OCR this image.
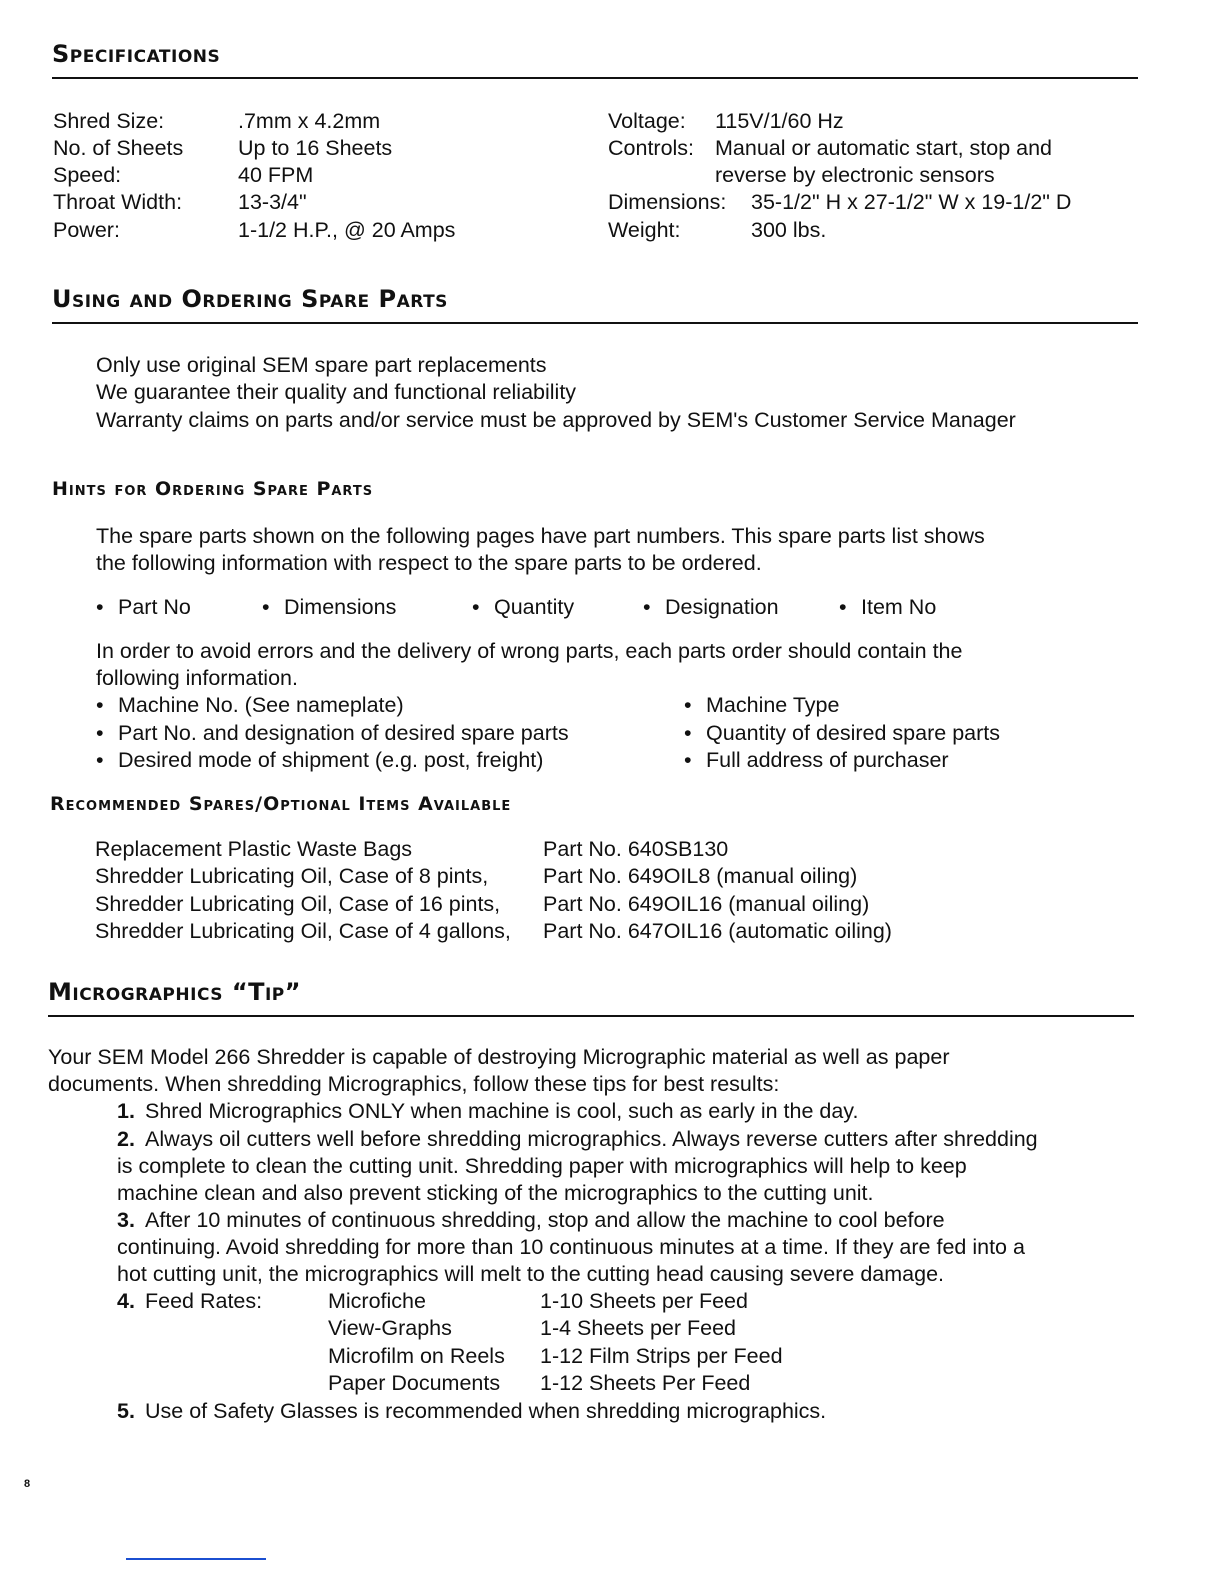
Specifications
Shred Size:	.7mm x 4.2mm
No. of Sheets	Up to 16 Sheets
Speed:	40 FPM
Throat Width:	13-3/4"
Power:	1-1/2 H.P., @ 20 Amps
Voltage: 115V/1/60 Hz
Controls: Manual or automatic start, stop and
reverse by electronic sensors
Dimensions: 35-1/2" H x 27-1/2" W x 19-1/2" D
Weight:	300 lbs.
Using and Ordering Spare Parts
Only use original SEM spare part replacements
We guarantee their quality and functional reliability
Warranty claims on parts and/or service must be approved by SEM's Customer Service Manager
Hints for Ordering Spare Parts
The spare parts shown on the following pages have part numbers. This spare parts list shows
the following information with respect to the spare parts to be ordered.
• Part No	• Dimensions	• Quantity	• Designation	• Item No
In order to avoid errors and the delivery of wrong parts, each parts order should contain the
following information.
• Machine No. (See nameplate)
• Part No. and designation of desired spare parts
• Desired mode of shipment (e.g. post, freight)
• Machine Type
• Quantity of desired spare parts
• Full address of purchaser
Recommended Spares/Optional Items Available
Replacement Plastic Waste Bags	Part No. 640SB130
Shredder Lubricating Oil, Case of 8 pints,	Part No. 649OIL8 (manual oiling)
Shredder Lubricating Oil, Case of 16 pints, Part No. 649OIL16 (manual oiling)
Shredder Lubricating Oil, Case of 4 gallons, Part No. 647OIL16 (automatic oiling)
Micrographics “Tip”
Your SEM Model 266 Shredder is capable of destroying Micrographic material as well as paper
documents. When shredding Micrographics, follow these tips for best results:
1. Shred Micrographics ONLY when machine is cool, such as early in the day.
2. Always oil cutters well before shredding micrographics. Always reverse cutters after shredding
is complete to clean the cutting unit. Shredding paper with micrographics will help to keep
machine clean and also prevent sticking of the micrographics to the cutting unit.
3. After 10 minutes of continuous shredding, stop and allow the machine to cool before
continuing. Avoid shredding for more than 10 continuous minutes at a time. If they are fed into a
hot cutting unit, the micrographics will melt to the cutting head causing severe damage.
4. Feed Rates:	Microfiche	1-10 Sheets per Feed
View-Graphs	1-4 Sheets per Feed
Microfilm on Reels 1-12 Film Strips per Feed
Paper Documents 1-12 Sheets Per Feed
5. Use of Safety Glasses is recommended when shredding micrographics.
8
